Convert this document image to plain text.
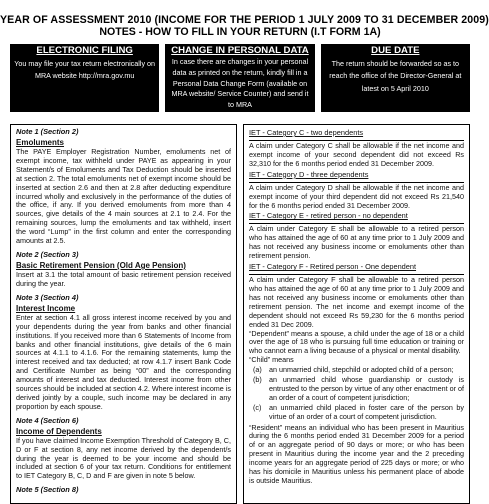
YEAR OF ASSESSMENT 2010 (INCOME FOR THE PERIOD 1 JULY 2009 TO 31 DECEMBER 2009)
NOTES - HOW TO FILL IN YOUR RETURN (I.T FORM 1A)
ELECTRONIC FILING
You may file your tax return electronically on MRA website http://mra.gov.mu
CHANGE IN PERSONAL DATA
In case there are changes in your personal data as printed on the return, kindly fill in a Personal Data Change Form (available on MRA website/ Service Counter) and send it to MRA
DUE DATE
The return should be forwarded so as to reach the office of the Director-General at latest on 5 April 2010

Note 1 (Section 2)

Emoluments

The PAYE Employer Registration Number, emoluments net of exempt income, tax withheld under PAYE as appearing in your Statement/s of Emoluments and Tax Deduction should be inserted at section 2. The total emoluments net of exempt income should be inserted at section 2.6 and then at 2.8 after deducting expenditure incurred wholly and exclusively in the performance of the duties of the office, if any. If you derived emoluments from more than 4 sources, give details of the 4 main sources at 2.1 to 2.4. For the remaining sources, lump the emoluments and tax withheld, insert the word “Lump” in the first column and enter the corresponding amounts at 2.5.

Note 2 (Section 3)

Basic Retirement Pension (Old Age Pension)

Insert at 3.1 the total amount of basic retirement pension received during the year.

Note 3 (Section 4)

Interest Income

Enter at section 4.1 all gross interest income received by you and your dependents during the year from banks and other financial institutions. If you received more than 6 Statements of Income from banks and other financial institutions, give details of the 6 main sources at 4.1.1 to 4.1.6. For the remaining statements, lump the interest received and tax deducted; at row 4.1.7 insert Bank Code and Certificate Number as being “00” and the corresponding amounts of interest and tax deducted. Interest income from other sources should be included at section 4.2. Where interest income is derived jointly by a couple, such income may be declared in any proportion by each spouse.

Note 4 (Section 6)

Income of Dependents

If you have claimed Income Exemption Threshold of Category B, C, D or F at section 8, any net income derived by the dependent/s during the year is deemed to be your income and should be included at section 6 of your tax return. Conditions for entitlement to IET Category B, C, D and F are given in note 5 below.

Note 5 (Section 8)

IET - Category C - two dependents

A claim under Category C shall be allowable if the net income and exempt income of your second dependent did not exceed Rs 32,310 for the 6 months period ended 31 December 2009.

IET - Category D - three dependents

A claim under Category D shall be allowable if the net income and exempt income of your third dependent did not exceed Rs 21,540 for the 6 months period ended 31 December 2009.

IET - Category E - retired person - no dependent

A claim under Category E shall be allowable to a retired person who has attained the age of 60 at any time prior to 1 July 2009 and has not received any business income or emoluments other than retirement pension.

IET - Category F - Retired person - One dependent

A claim under Category F shall be allowable to a retired person who has attained the age of 60 at any time prior to 1 July 2009 and has not received any business income or emoluments other than retirement pension. The net income and exempt income of the dependent should not exceed Rs 59,230 for the 6 months period ended 31 Dec 2009.

“Dependent” means a spouse, a child under the age of 18 or a child over the age of 18 who is pursuing full time education or training or who cannot earn a living because of a physical or mental disability.

“Child” means

(a)	an unmarried child, stepchild or adopted child of a person;
(b)	an unmarried child whose guardianship or custody is entrusted to the person by virtue of any other enactment or of an order of a court of competent jurisdiction;
(c)	an unmarried child placed in foster care of the person by virtue of an order of a court of competent jurisdiction.

“Resident” means an individual who has been present in Mauritius during the 6 months period ended 31 December 2009 for a period of or an aggregate period of 90 days or more; or who has been present in Mauritius during the income year and the 2 preceding income years for an aggregate period of 225 days or more; or who has his domicile in Mauritius unless his permanent place of abode is outside Mauritius.
